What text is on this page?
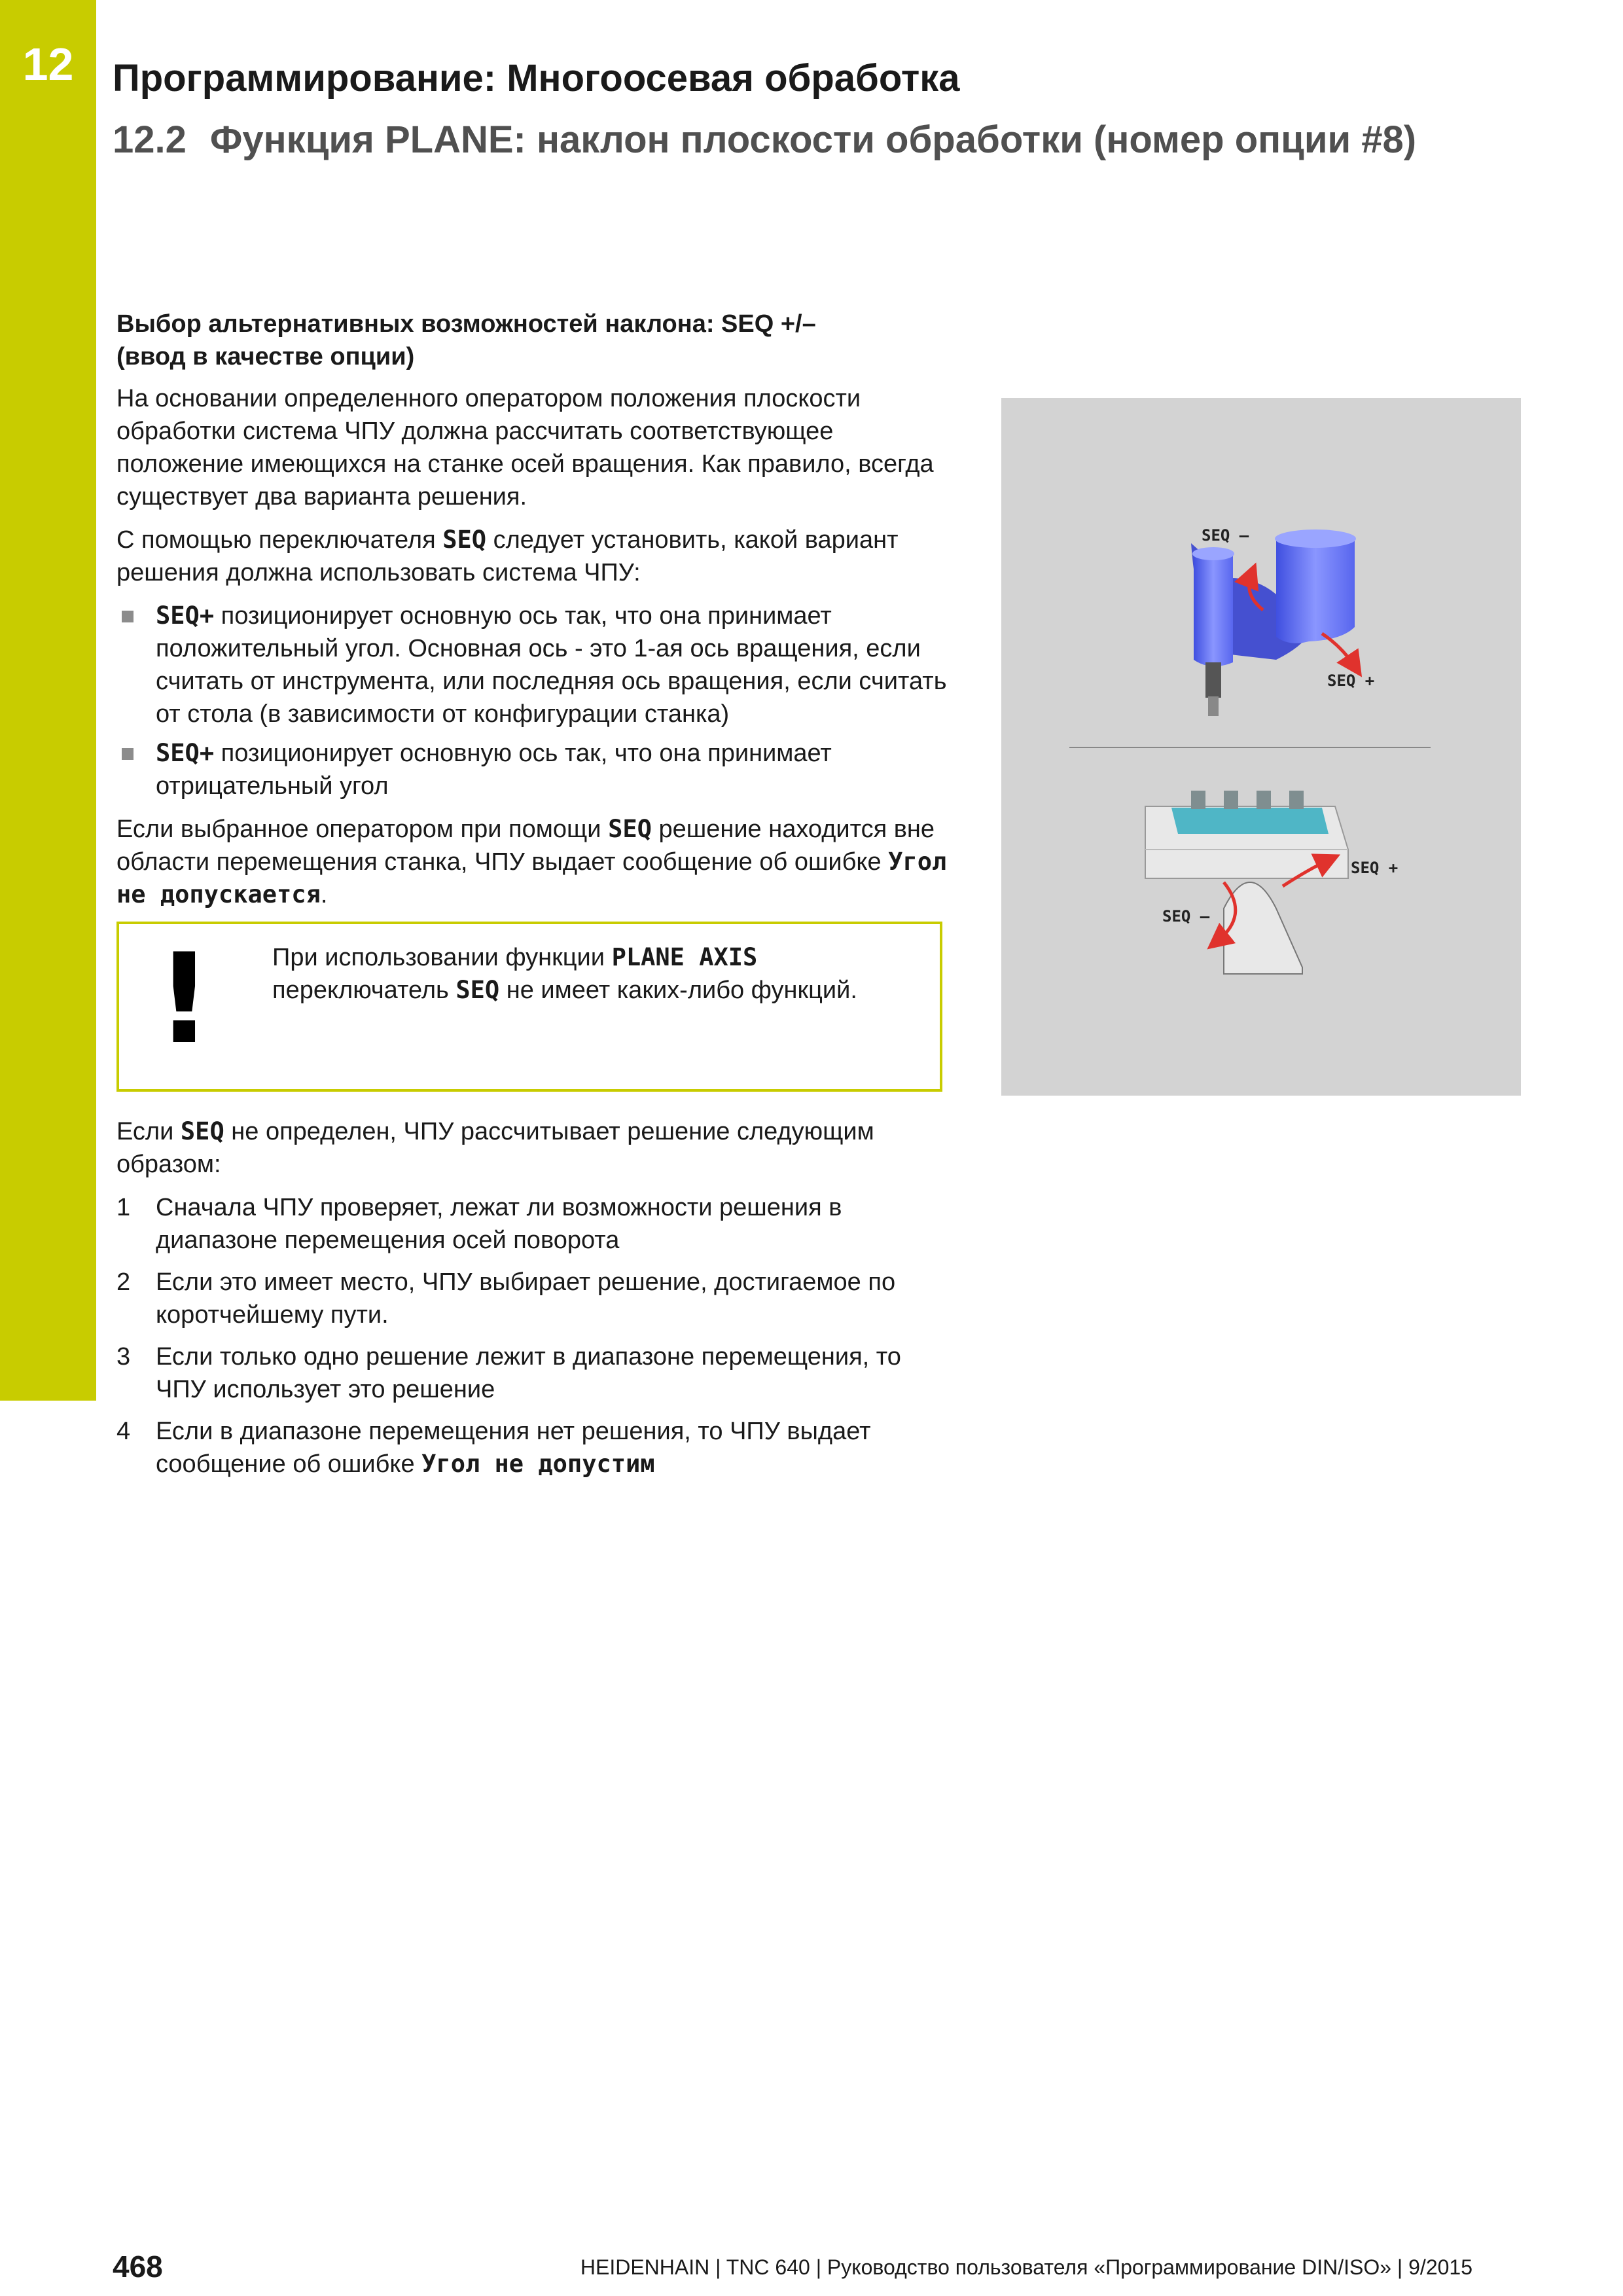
12	Программирование: Многоосевая обработка
12.2 Функция PLANE: наклон плоскости обработки (номер опции #8)
Выбор альтернативных возможностей наклона: SEQ +/–
(ввод в качестве опции)

На основании определенного оператором положения плоскости обработки система ЧПУ должна рассчитать соответствующее положение имеющихся на станке осей вращения. Как правило, всегда существует два варианта решения.

С помощью переключателя SEQ следует установить, какой вариант решения должна использовать система ЧПУ:

SEQ+ позиционирует основную ось так, что она принимает положительный угол. Основная ось - это 1-ая ось вращения, если считать от инструмента, или последняя ось вращения, если считать от стола (в зависимости от конфигурации станка)
SEQ+ позиционирует основную ось так, что она принимает отрицательный угол

Если выбранное оператором при помощи SEQ решение находится вне области перемещения станка, ЧПУ выдает сообщение об ошибке Угол не допускается.

! При использовании функции PLANE AXIS переключатель SEQ не имеет каких-либо функций.

Если SEQ не определен, ЧПУ рассчитывает решение следующим образом:

1 Сначала ЧПУ проверяет, лежат ли возможности решения в диапазоне перемещения осей поворота
2 Если это имеет место, ЧПУ выбирает решение, достигаемое по коротчейшему пути.
3 Если только одно решение лежит в диапазоне перемещения, то ЧПУ использует это решение
4 Если в диапазоне перемещения нет решения, то ЧПУ выдает сообщение об ошибке Угол не допустим
SEQ –
SEQ +
SEQ +
SEQ –
468	HEIDENHAIN | TNC 640 | Руководство пользователя «Программирование DIN/ISO» | 9/2015
